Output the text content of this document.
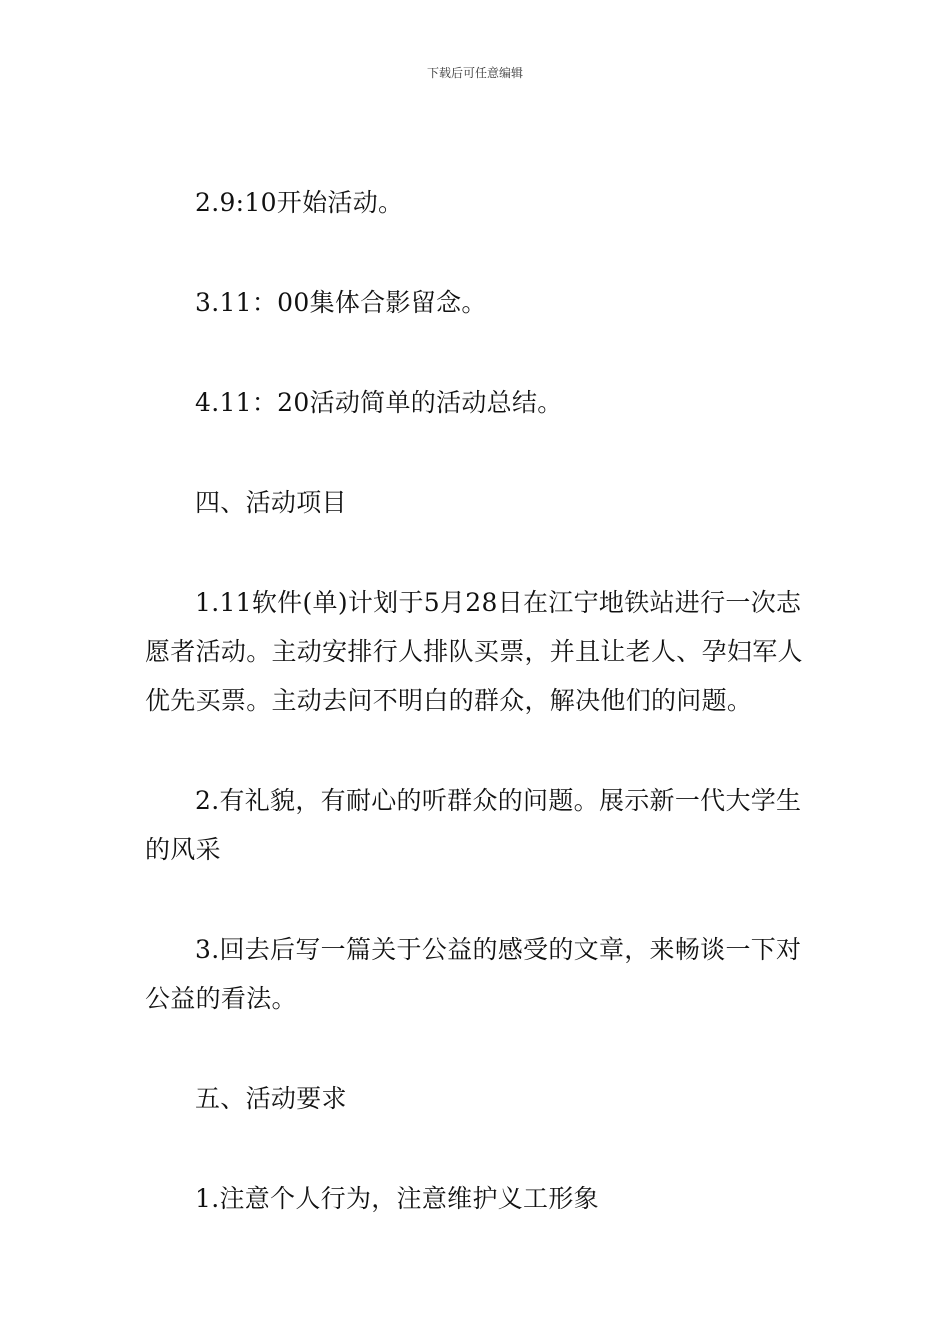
下载后可任意编辑

2.9:10开始活动。

3.11：00集体合影留念。

4.11：20活动简单的活动总结。

四、活动项目

1.11软件(单)计划于5月28日在江宁地铁站进行一次志愿者活动。主动安排行人排队买票，并且让老人、孕妇军人优先买票。主动去问不明白的群众，解决他们的问题。

2.有礼貌，有耐心的听群众的问题。展示新一代大学生的风采

3.回去后写一篇关于公益的感受的文章，来畅谈一下对公益的看法。

五、活动要求

1.注意个人行为，注意维护义工形象
